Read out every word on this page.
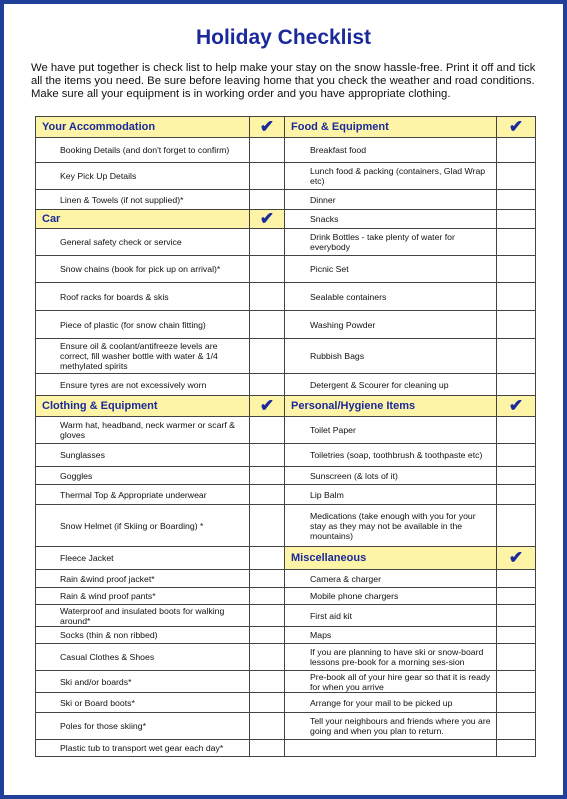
Holiday Checklist

We have put together is check list to help make your stay on the snow hassle-free. Print it off and tick

all the items you need. Be sure before leaving home that you check the weather and road conditions.

Make sure all your equipment is in working order and you have appropriate clothing.

Your Accommodation	✔	Food & Equipment	✔
Booking Details (and don't forget to confirm)		Breakfast food	
Key Pick Up Details		Lunch food & packing (containers, Glad Wrap etc)	
Linen & Towels (if not supplied)*		Dinner	
Car	✔	Snacks	
General safety check or service		Drink Bottles - take plenty of water for everybody	
Snow chains (book for pick up on arrival)*		Picnic Set	
Roof racks for boards & skis		Sealable containers	
Piece of plastic (for snow chain fitting)		Washing Powder	
Ensure oil & coolant/antifreeze levels are correct, fill washer bottle with water & 1/4 methylated spirits		Rubbish Bags	
Ensure tyres are not excessively worn		Detergent & Scourer for cleaning up	
Clothing & Equipment	✔	Personal/Hygiene Items	✔
Warm hat, headband, neck warmer or scarf & gloves		Toilet Paper	
Sunglasses		Toiletries (soap, toothbrush & toothpaste etc)	
Goggles		Sunscreen (& lots of it)	
Thermal Top & Appropriate underwear		Lip Balm	
Snow Helmet (if Skiing or Boarding) *		Medications (take enough with you for your stay as they may not be available in the mountains)	
Fleece Jacket		Miscellaneous	✔
Rain &wind proof jacket*		Camera & charger	
Rain & wind proof pants*		Mobile phone chargers	
Waterproof and insulated boots for walking around*		First aid kit	
Socks (thin & non ribbed)		Maps	
Casual Clothes & Shoes		If you are planning to have ski or snow-board lessons pre-book for a morning ses-sion	
Ski and/or boards*		Pre-book all of your hire gear so that it is ready for when you arrive	
Ski or Board boots*		Arrange for your mail to be picked up	
Poles for those skiing*		Tell your neighbours and friends where you are going and when you plan to return.	
Plastic tub to transport wet gear each day*			
